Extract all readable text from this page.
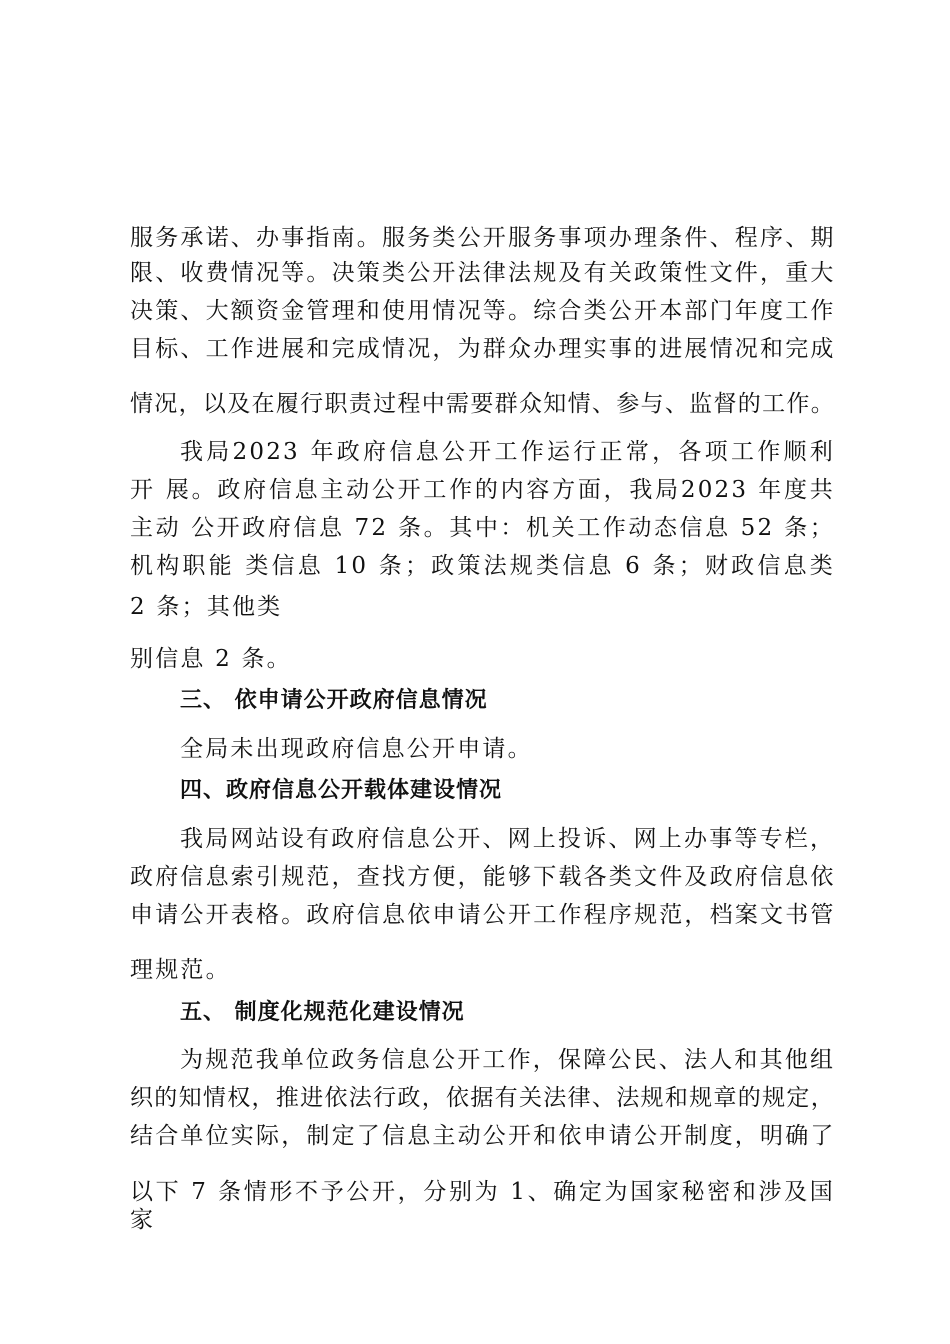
服务承诺、办事指南。服务类公开服务事项办理条件、程序、期
限、收费情况等。决策类公开法律法规及有关政策性文件，重大
决策、大额资金管理和使用情况等。综合类公开本部门年度工作
目标、工作进展和完成情况，为群众办理实事的进展情况和完成
情况，以及在履行职责过程中需要群众知情、参与、监督的工作。
我局2023 年政府信息公开工作运行正常，各项工作顺利
开 展。政府信息主动公开工作的内容方面，我局2023 年度共
主动 公开政府信息 72 条。其中：机关工作动态信息 52 条；
机构职能 类信息 10 条；政策法规类信息 6 条；财政信息类
2 条；其他类
别信息 2 条。
三、 依申请公开政府信息情况
全局未出现政府信息公开申请。
四、政府信息公开载体建设情况
我局网站设有政府信息公开、网上投诉、网上办事等专栏，
政府信息索引规范，查找方便，能够下载各类文件及政府信息依
申请公开表格。政府信息依申请公开工作程序规范，档案文书管
理规范。
五、 制度化规范化建设情况
为规范我单位政务信息公开工作，保障公民、法人和其他组
织的知情权，推进依法行政，依据有关法律、法规和规章的规定，
结合单位实际，制定了信息主动公开和依申请公开制度，明确了
以下 7 条情形不予公开，分别为 1、确定为国家秘密和涉及国
家
